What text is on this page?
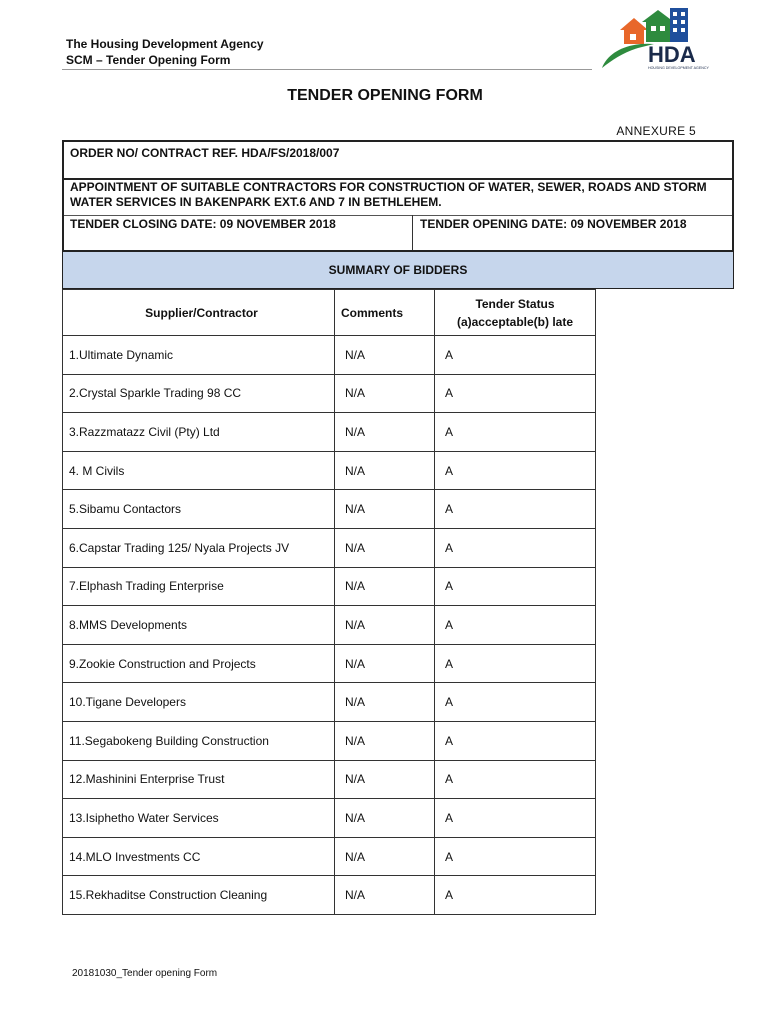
The Housing Development Agency
SCM – Tender Opening Form	HDA
HOUSING DEVELOPMENT AGENCY
TENDER OPENING FORM
ANNEXURE 5
ORDER NO/ CONTRACT REF. HDA/FS/2018/007
APPOINTMENT OF SUITABLE CONTRACTORS FOR CONSTRUCTION OF WATER, SEWER, ROADS AND STORM WATER SERVICES IN BAKENPARK EXT.6 AND 7 IN BETHLEHEM.
TENDER CLOSING DATE: 09 NOVEMBER 2018	TENDER OPENING DATE: 09 NOVEMBER 2018
SUMMARY OF BIDDERS
Supplier/Contractor	Comments	Tender Status
(a)acceptable(b) late

1.Ultimate Dynamic	N/A	A
2.Crystal Sparkle Trading 98 CC	N/A	A
3.Razzmatazz Civil (Pty) Ltd	N/A	A
4. M Civils	N/A	A
5.Sibamu Contactors	N/A	A
6.Capstar Trading 125/ Nyala Projects JV	N/A	A
7.Elphash Trading Enterprise	N/A	A
8.MMS Developments	N/A	A
9.Zookie Construction and Projects	N/A	A
10.Tigane Developers	N/A	A
11.Segabokeng Building Construction	N/A	A
12.Mashinini Enterprise Trust	N/A	A
13.Isiphetho Water Services	N/A	A
14.MLO Investments CC	N/A	A
15.Rekhaditse Construction Cleaning	N/A	A
20181030_Tender opening Form
